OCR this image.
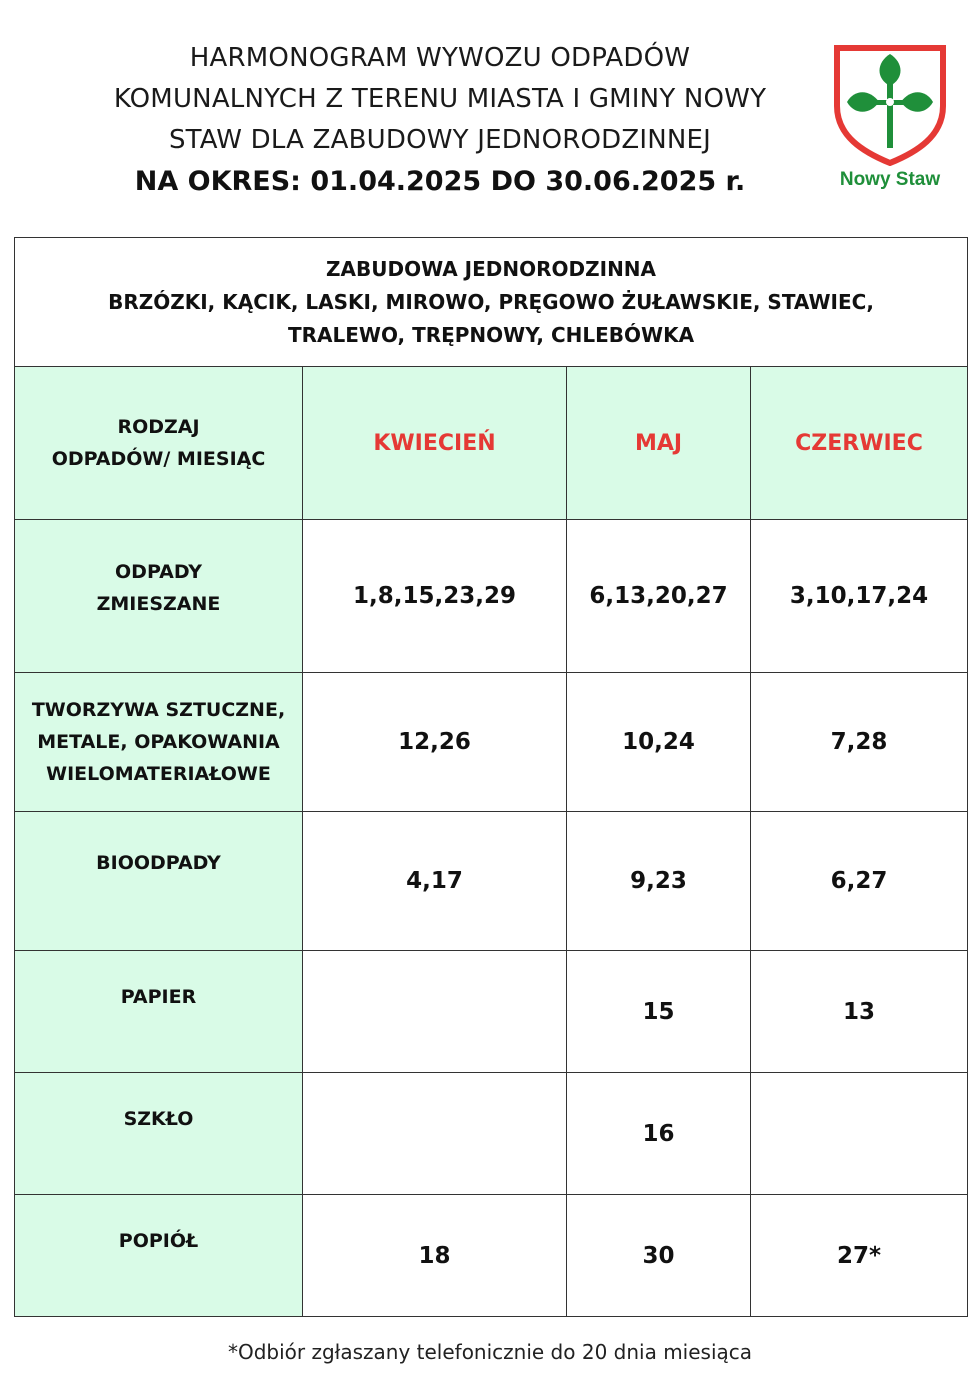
HARMONOGRAM WYWOZU ODPADÓW
KOMUNALNYCH Z TERENU MIASTA I GMINY NOWY
STAW DLA ZABUDOWY JEDNORODZINNEJ
NA OKRES: 01.04.2025 DO 30.06.2025 r.	Nowy Staw
ZABUDOWA JEDNORODZINNA
BRZÓZKI, KĄCIK, LASKI, MIROWO, PRĘGOWO ŻUŁAWSKIE, STAWIEC,
TRALEWO, TRĘPNOWY, CHLEBÓWKA			

RODZAJ
ODPADÓW/ MIESIĄC	KWIECIEŃ	MAJ	CZERWIEC

ODPADY
ZMIESZANE	1,8,15,23,29	6,13,20,27	3,10,17,24

TWORZYWA SZTUCZNE,
METALE, OPAKOWANIA
WIELOMATERIAŁOWE	12,26	10,24	7,28

BIOODPADY	4,17	9,23	6,27

PAPIER		15	13

SZKŁO		16	

POPIÓŁ	18	30	27*
*Odbiór zgłaszany telefonicznie do 20 dnia miesiąca
